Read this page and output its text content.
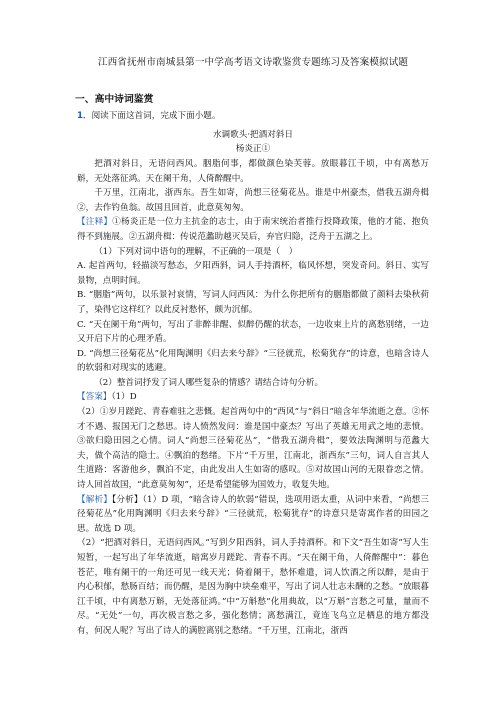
江西省抚州市南城县第一中学高考语文诗歌鉴赏专题练习及答案模拟试题
一、高中诗词鉴赏

1．阅读下面这首词，完成下面小题。

水调歌头·把酒对斜日

杨炎正①

把酒对斜日，无语问西风。胭脂何事，都做颜色染芙蓉。放眼暮江千顷，中有离愁万斛，无处落征鸿。天在阑干角，人倚醉醒中。

千万里，江南北，浙西东。吾生如寄，尚想三径菊花丛。谁是中州豪杰，借我五湖舟楫②，去作钓鱼翁。故国且回首，此意莫匆匆。

【注释】①杨炎正是一位力主抗金的志士，由于南宋统治者推行投降政策，他的才能、抱负得不到施展。②五湖舟楫：传说范蠡助越灭吴后，弃官归隐，泛舟于五湖之上。

（1）下列对词中语句的理解，不正确的一项是（　）

A. 起首两句，轻描淡写愁态，夕阳西斜，词人手持酒杯，临风怀想，突发奇问。斜日、实写景物，点明时间。

B. “胭脂”两句，以乐景衬哀情，写词人问西风：为什么你把所有的胭脂都做了颜料去染秋荷了，染得它这样红？以此反衬愁怀，颇为沉郁。

C. “天在阑干角”两句，写出了非醉非醒、似醉仍醒的状态，一边收束上片的离愁别绪，一边又开启下片的心理矛盾。

D. “尚想三径菊花丛”化用陶渊明《归去来兮辞》“三径就荒，松菊犹存”的诗意，也暗含诗人的软弱和对现实的逃避。

（2）整首词抒发了词人哪些复杂的情感？请结合诗句分析。

【答案】（1）D

（2）①岁月蹉跎、青春难驻之悲慨。起首两句中的“西风”与“斜日”暗含年华流逝之意。②怀才不遇、报国无门之愁思。诗人愤然发问：谁是国中豪杰？写出了英雄无用武之地的悲愤。③欲归隐田园之心情。词人“尚想三径菊花丛”，“借我五湖舟楫”，要效法陶渊明与范蠡大夫，做个高洁的隐士。④飘泊的愁绪。下片“千万里，江南北，浙西东”三句，词人自言其人生道路：客游他乡，飘泊不定，由此发出人生如寄的感叹。⑤对故国山河的无限眷恋之情。诗人回首故国，“此意莫匆匆”，还是希望能够为国效力，收复失地。

【解析】【分析】（1）D 项，“暗含诗人的软弱”错误，选项用语太重，从词中来看，“尚想三径菊花丛”化用陶渊明《归去来兮辞》“三径就荒，松菊犹存”的诗意只是寄寓作者的田园之思。故选 D 项。

（2）“把酒对斜日，无语问西风。”写到夕阳西斜，词人手持酒杯。和下文“吾生如寄”写人生短暂，一起写出了年华流逝，暗寓岁月蹉跎、青春不再。“天在阑干角，人倚醉醒中”：暮色苍茫，唯有阑干的一角还可见一线天光；倚着阑干，愁怀难遣，词人饮酒之所以醉，是由于内心积郁，愁肠百结；而仍醒，是因为胸中块垒难平，写出了词人壮志未酬的之愁。“放眼暮江千顷，中有离愁万斛，无处落征鸿。”中“万斛愁”化用典故，以“万斛”言愁之可量，量而不尽。“无处”一句，再次极言愁之多，强化愁情；离愁满江，竟连飞鸟立足栖息的地方都没有，何况人呢？写出了诗人的满腔离别之愁绪。“千万里，江南北，浙西
